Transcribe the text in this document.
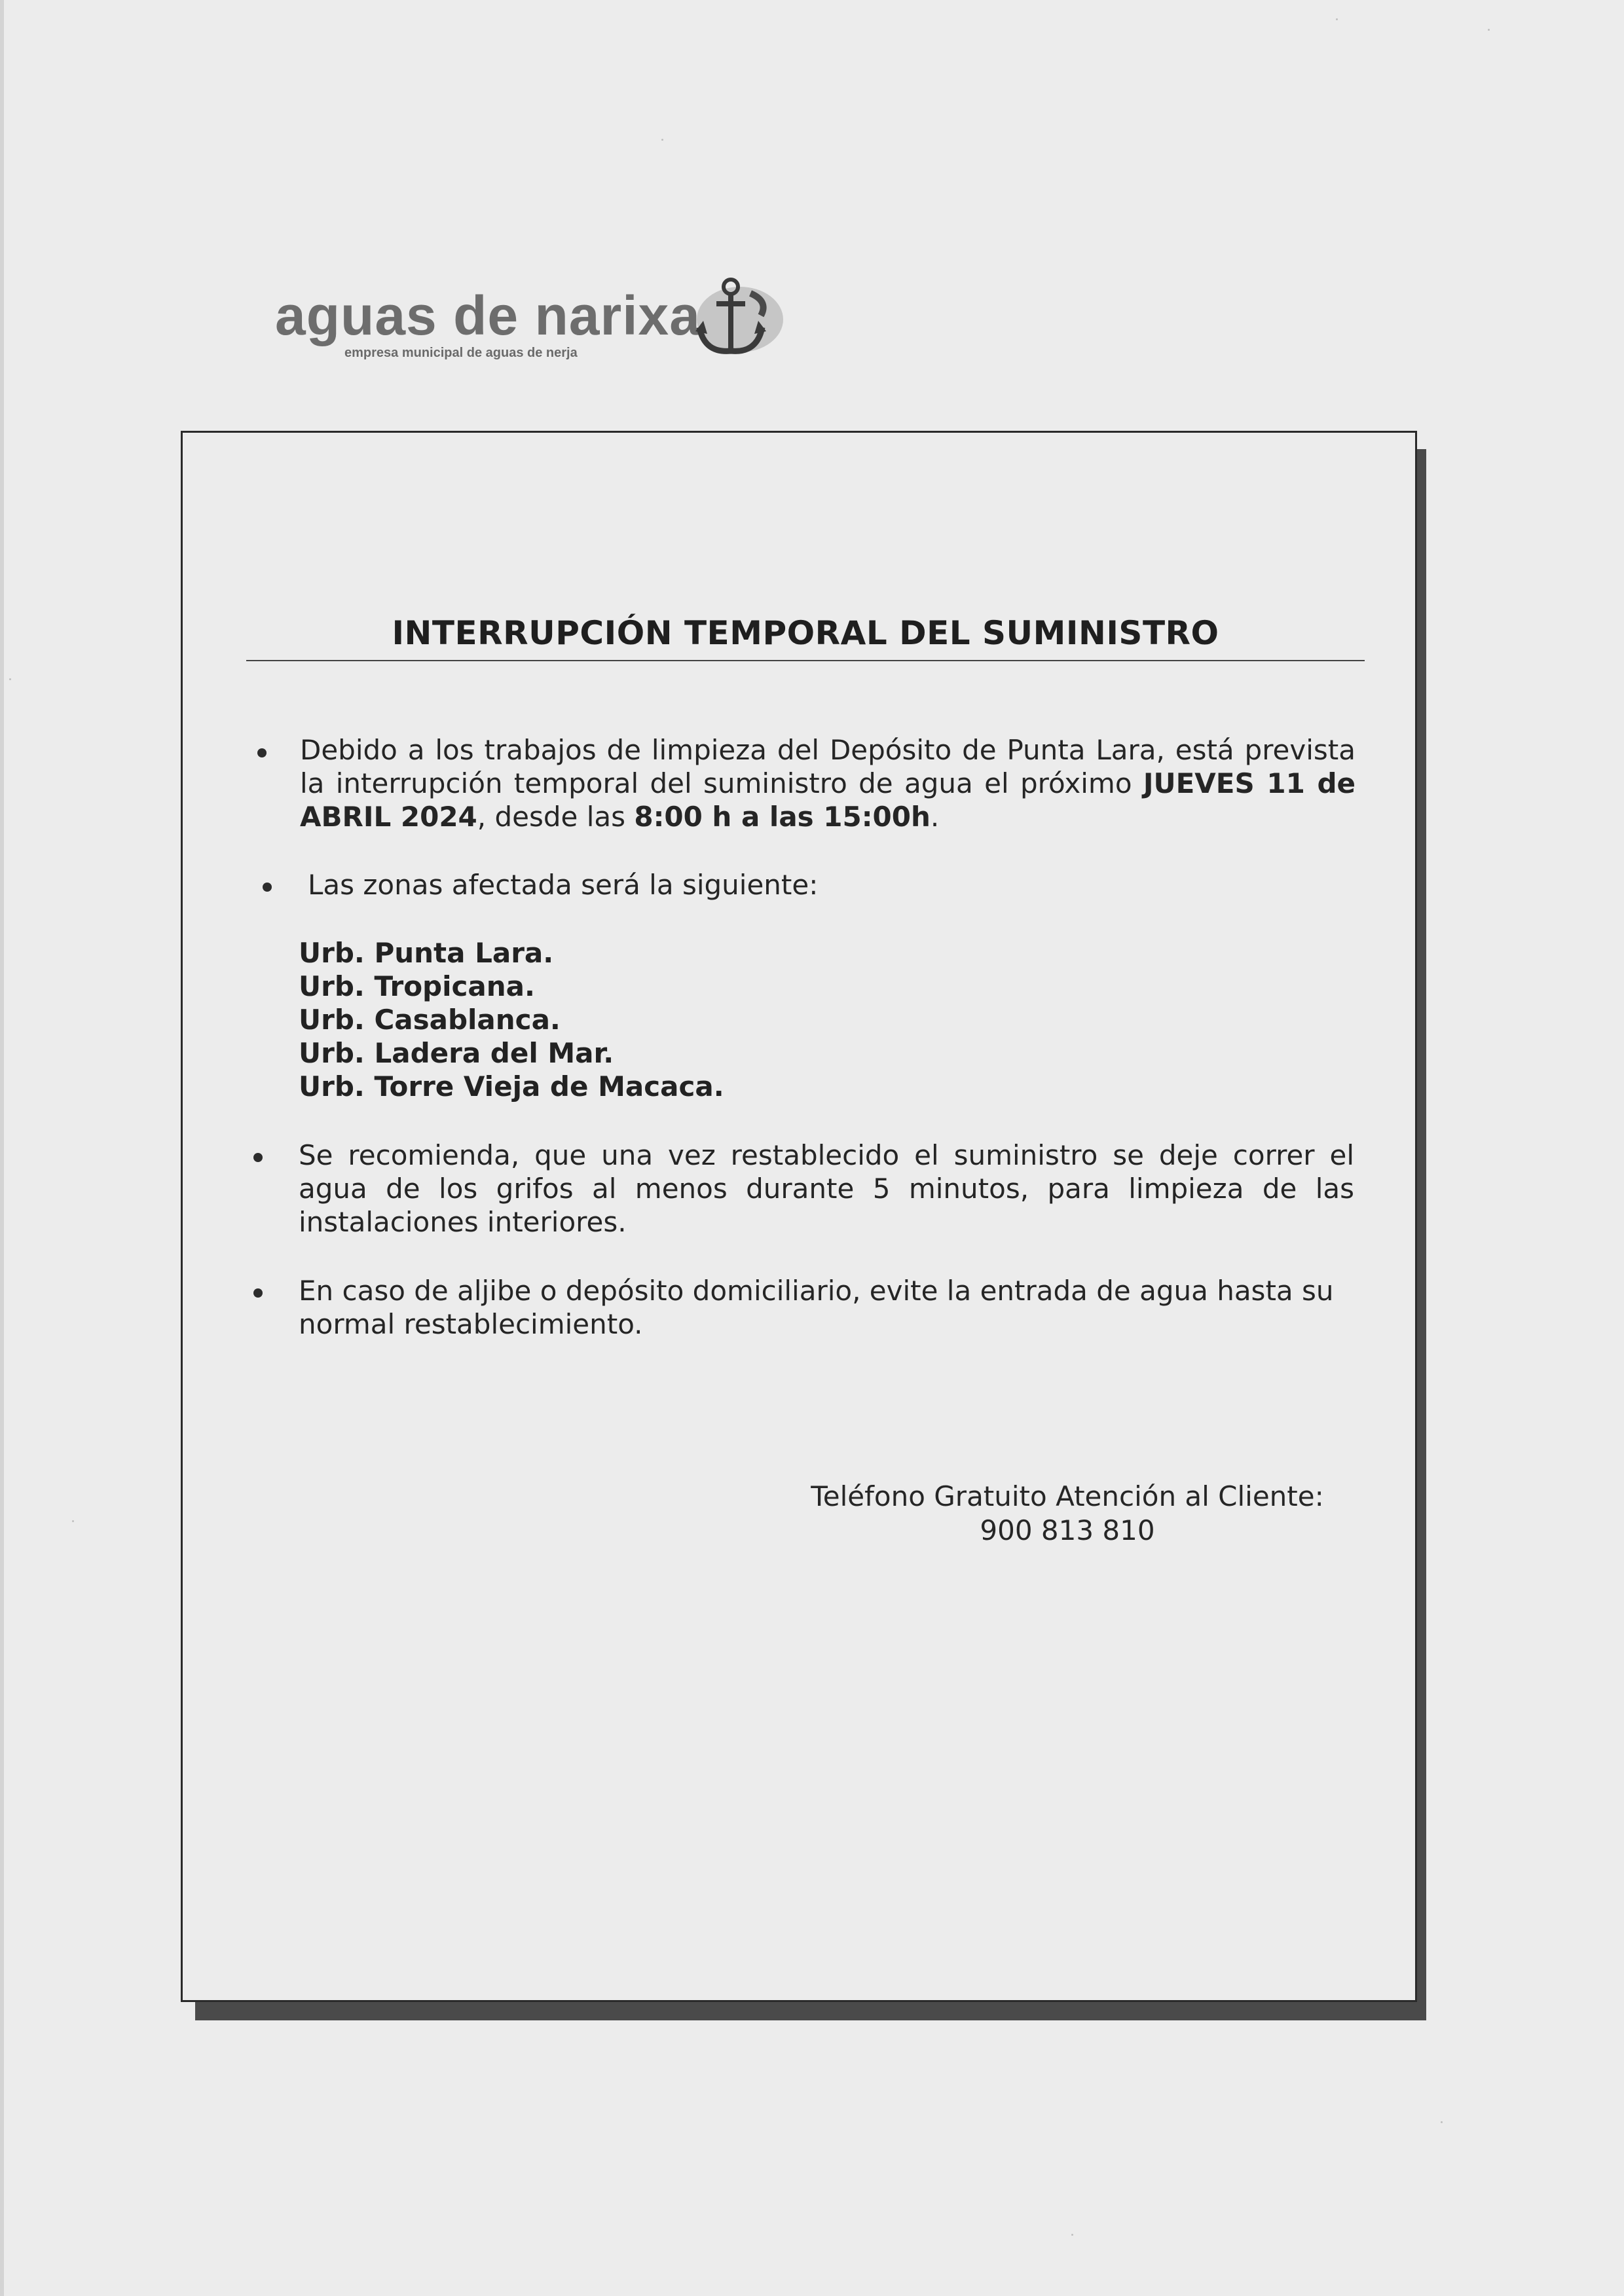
aguas de narixa
empresa municipal de aguas de nerja
INTERRUPCIÓN TEMPORAL DEL SUMINISTRO
Debido a los trabajos de limpieza del Depósito de Punta Lara, está prevista la interrupción temporal del suministro de agua el próximo JUEVES 11 de ABRIL 2024, desde las 8:00 h a las 15:00h.
Las zonas afectada será la siguiente:
Urb. Punta Lara.
Urb. Tropicana.
Urb. Casablanca.
Urb. Ladera del Mar.
Urb. Torre Vieja de Macaca.
Se recomienda, que una vez restablecido el suministro se deje correr el agua de los grifos al menos durante 5 minutos, para limpieza de las instalaciones interiores.
En caso de aljibe o depósito domiciliario, evite la entrada de agua hasta su normal restablecimiento.
Teléfono Gratuito Atención al Cliente:
900 813 810
